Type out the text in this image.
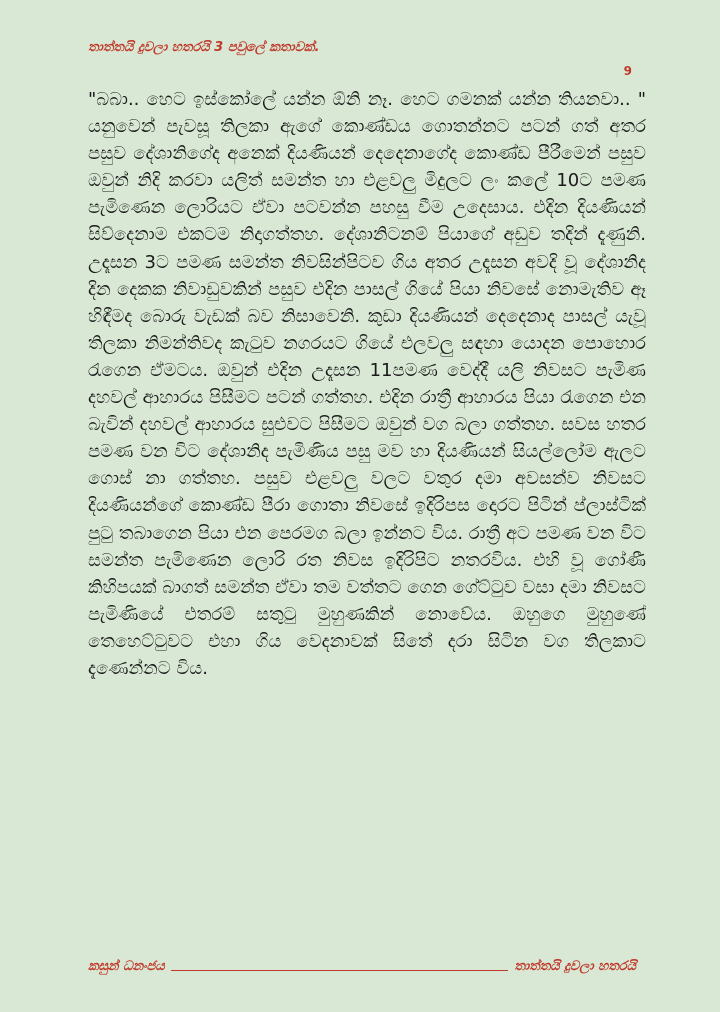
තාත්තයි දුවලා හතරයි 3 පවුලේ කතාවක්.
9

"බබා.. හෙට ඉස්කෝලේ යන්න ඕනි නෑ. හෙට ගමනක් යන්න තියනවා.. " යනුවෙන් පැවසූ තිලකා ඇගේ කොණ්ඩය ගොතන්නට පටන් ගත් අතර පසුව දේශානිගේද අනෙක් දියණියන් දෙදෙනාගේද කොණ්ඩ පීරීමෙන් පසුව ඔවුන් නිදි කරවා යලිත් සමන්ත හා එළවලු මිදුලට ලං කලේ 10ට පමණ පැමිණෙන ලොරියට ඒවා පටවන්න පහසු වීම උදෙසාය. එදින දියණියන් සිව්දෙනාම එකටම නිදාගත්තහ. දේශානිටනම් පියාගේ අඩුව තදින් දැණුනි. උදෑසන 3ට පමණ සමන්ත නිවසින්පිටව ගිය අතර උදෑසන අවදි වූ දේශානිද දින දෙකක නිවාඩුවකින් පසුව එදින පාසල් ගියේ පියා නිවසේ නොමැතිව ඈ හිඳීමද බොරු වැඩක් බව නිසාවෙනි. කුඩා දියණියන් දෙදෙනාද පාසල් යැවූ තිලකා නිමන්තිවද කැටුව නගරයට ගියේ එලවලු සඳහා යොදන පොහොර රැගෙන ඒමටය. ඔවුන් එදින උදෑසන 11පමණ වෙද්දී යලි නිවසට පැමිණ දහවල් ආහාරය පිසීමට පටන් ගත්තහ. එදින රාත්‍රී ආහාරය පියා රැගෙන එන බැවින් දහවල් ආහාරය සුළුවට පිසීමට ඔවුන් වග බලා ගත්තහ. සවස හතර පමණ වන විට දේශානිද පැමිණිය පසු මව හා දියණියන් සියල්ලෝම ඇලට ගොස් නා ගත්තහ. පසුව එළවලු වලට වතුර දමා අවසන්ව නිවසට දියණියන්ගේ කොණ්ඩ පීරා ගොතා නිවසේ ඉදිරිපස දොරට පිටින් ප්ලාස්ටික් පුටු තබාගෙන පියා එන පෙරමග බලා ඉන්නට විය. රාත්‍රී අට පමණ වන විට සමන්ත පැමිණෙන ලොරි රත නිවස ඉදිරිපිට නතරවිය. එහි වූ ගෝණී කිහිපයක් බාගත් සමන්ත ඒවා තම වත්තට ගෙන ගේට්ටුව වසා දමා නිවසට පැමිණියේ එතරම් සතුටු මුහුණකින් නොවේය. ඔහුගෙ මුහුණේ තෙහෙට්ටුවට එහා ගිය වෙදනාවක් සිතේ දරා සිටින වග තිලකාට දැණෙන්නට විය.

කසුන් ධනංජය	තාත්තයි දුවලා හතරයි
